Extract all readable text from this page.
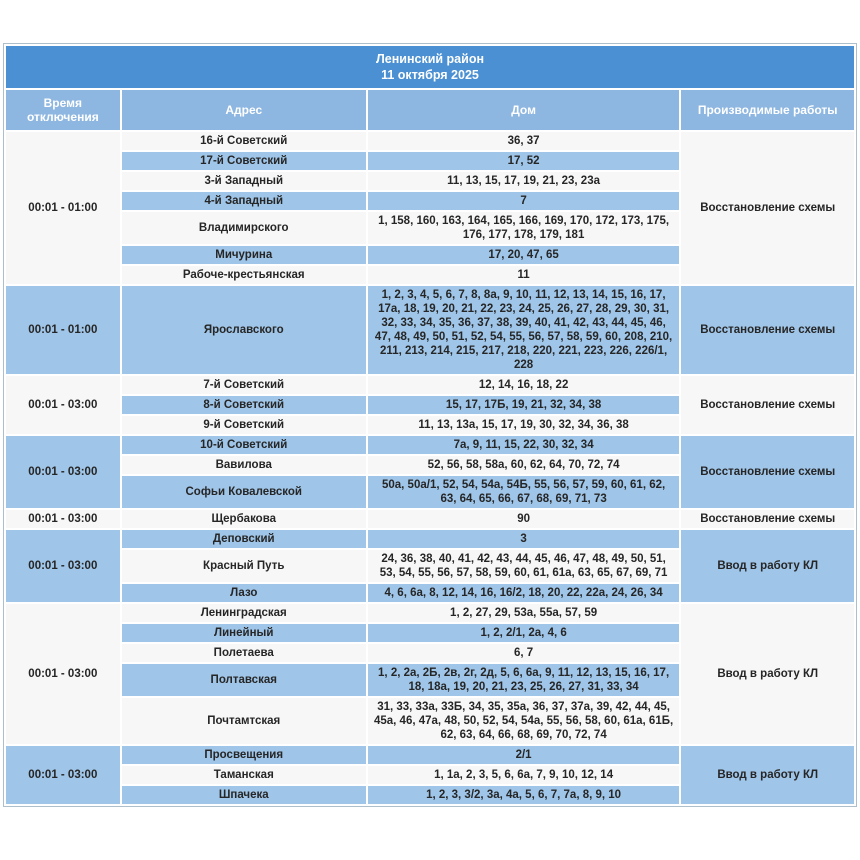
Ленинский район
11 октября 2025			

Время отключения	Адрес	Дом	Производимые работы
00:01 - 01:00	16-й Советский	36, 37	Восстановление схемы
	17-й Советский	17, 52	
	3-й Западный	11, 13, 15, 17, 19, 21, 23, 23а	
	4-й Западный	7	
	Владимирского	1, 158, 160, 163, 164, 165, 166, 169, 170, 172, 173, 175, 176, 177, 178, 179, 181	
	Мичурина	17, 20, 47, 65	
	Рабоче-крестьянская	11	
00:01 - 01:00	Ярославского	1, 2, 3, 4, 5, 6, 7, 8, 8а, 9, 10, 11, 12, 13, 14, 15, 16, 17, 17а, 18, 19, 20, 21, 22, 23, 24, 25, 26, 27, 28, 29, 30, 31, 32, 33, 34, 35, 36, 37, 38, 39, 40, 41, 42, 43, 44, 45, 46, 47, 48, 49, 50, 51, 52, 54, 55, 56, 57, 58, 59, 60, 208, 210, 211, 213, 214, 215, 217, 218, 220, 221, 223, 226, 226/1, 228	Восстановление схемы
00:01 - 03:00	7-й Советский	12, 14, 16, 18, 22	Восстановление схемы
	8-й Советский	15, 17, 17Б, 19, 21, 32, 34, 38	
	9-й Советский	11, 13, 13а, 15, 17, 19, 30, 32, 34, 36, 38	
00:01 - 03:00	10-й Советский	7а, 9, 11, 15, 22, 30, 32, 34	Восстановление схемы
	Вавилова	52, 56, 58, 58а, 60, 62, 64, 70, 72, 74	
	Софьи Ковалевской	50а, 50а/1, 52, 54, 54а, 54Б, 55, 56, 57, 59, 60, 61, 62, 63, 64, 65, 66, 67, 68, 69, 71, 73	
00:01 - 03:00	Щербакова	90	Восстановление схемы
00:01 - 03:00	Деповский	3	Ввод в работу КЛ
	Красный Путь	24, 36, 38, 40, 41, 42, 43, 44, 45, 46, 47, 48, 49, 50, 51, 53, 54, 55, 56, 57, 58, 59, 60, 61, 61а, 63, 65, 67, 69, 71	
	Лазо	4, 6, 6а, 8, 12, 14, 16, 16/2, 18, 20, 22, 22а, 24, 26, 34	
00:01 - 03:00	Ленинградская	1, 2, 27, 29, 53а, 55а, 57, 59	Ввод в работу КЛ
	Линейный	1, 2, 2/1, 2а, 4, 6	
	Полетаева	6, 7	
	Полтавская	1, 2, 2а, 2Б, 2в, 2г, 2д, 5, 6, 6а, 9, 11, 12, 13, 15, 16, 17, 18, 18а, 19, 20, 21, 23, 25, 26, 27, 31, 33, 34	
	Почтамтская	31, 33, 33а, 33Б, 34, 35, 35а, 36, 37, 37а, 39, 42, 44, 45, 45а, 46, 47а, 48, 50, 52, 54, 54а, 55, 56, 58, 60, 61а, 61Б, 62, 63, 64, 66, 68, 69, 70, 72, 74	
00:01 - 03:00	Просвещения	2/1	Ввод в работу КЛ
	Таманская	1, 1а, 2, 3, 5, 6, 6а, 7, 9, 10, 12, 14	
	Шпачека	1, 2, 3, 3/2, 3а, 4а, 5, 6, 7, 7а, 8, 9, 10	
